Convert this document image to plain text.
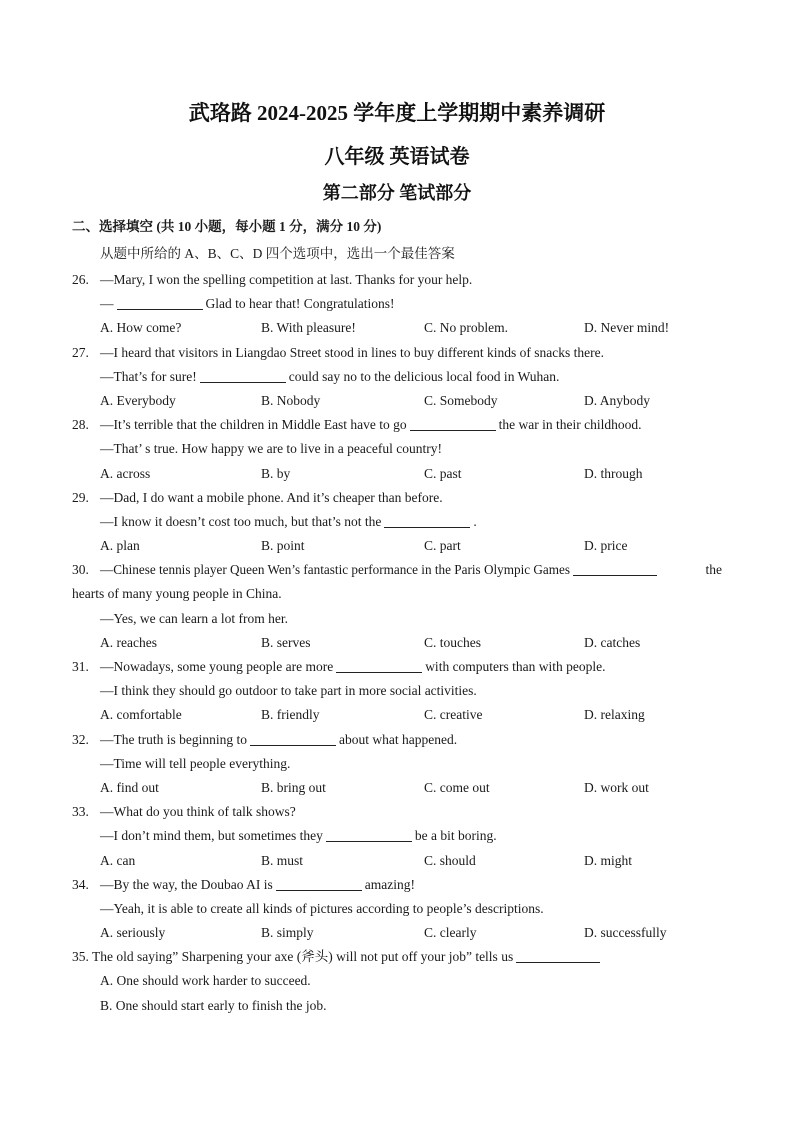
武珞路 2024-2025 学年度上学期期中素养调研
八年级 英语试卷
第二部分 笔试部分
二、选择填空 (共 10 小题，每小题 1 分，满分 10 分)
从题中所给的 A、B、C、D 四个选项中，选出一个最佳答案
26. —Mary, I won the spelling competition at last. Thanks for your help.
—	Glad to hear that! Congratulations!
A. How come?	B. With pleasure!	C. No problem.	D. Never mind!
27. —I heard that visitors in Liangdao Street stood in lines to buy different kinds of snacks there.
—That’s for sure!	could say no to the delicious local food in Wuhan.
A. Everybody	B. Nobody	C. Somebody	D. Anybody
28. —It’s terrible that the children in Middle East have to go	the war in their childhood.
—That’ s true. How happy we are to live in a peaceful country!
A. across	B. by	C. past	D. through
29. —Dad, I do want a mobile phone. And it’s cheaper than before.
—I know it doesn’t cost too much, but that’s not the	.
A. plan	B. point	C. part	D. price
30. —Chinese tennis player Queen Wen’s fantastic performance in the Paris Olympic Games	the
hearts of many young people in China.
—Yes, we can learn a lot from her.
A. reaches	B. serves	C. touches	D. catches
31. —Nowadays, some young people are more	with computers than with people.
—I think they should go outdoor to take part in more social activities.
A. comfortable	B. friendly	C. creative	D. relaxing
32. —The truth is beginning to	about what happened.
—Time will tell people everything.
A. find out	B. bring out	C. come out	D. work out
33. —What do you think of talk shows?
—I don’t mind them, but sometimes they	be a bit boring.
A. can	B. must	C. should	D. might
34. —By the way, the Doubao AI is	amazing!
—Yeah, it is able to create all kinds of pictures according to people’s descriptions.
A. seriously	B. simply	C. clearly	D. successfully
35. The old saying” Sharpening your axe (斧头) will not put off your job” tells us
A. One should work harder to succeed.
B. One should start early to finish the job.
